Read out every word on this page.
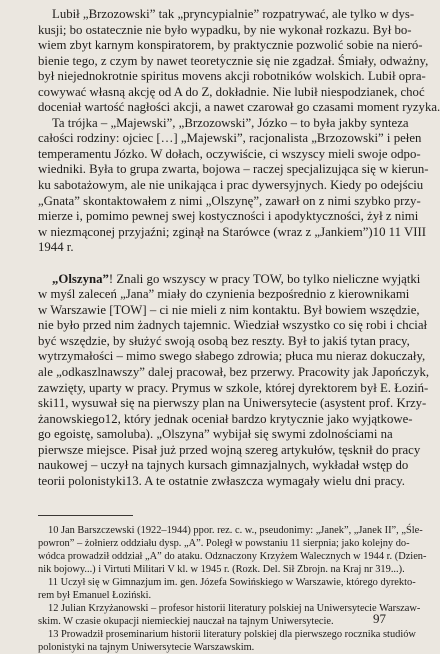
Lubił „Brzozowski” tak „pryncypialnie” rozpatrywać, ale tylko w dys-
kusji; bo ostatecznie nie było wypadku, by nie wykonał rozkazu. Był bo-
wiem zbyt karnym konspiratorem, by praktycznie pozwolić sobie na nieró-
bienie tego, z czym by nawet teoretycznie się nie zgadzał. Śmiały, odważny,
był niejednokrotnie spiritus movens akcji robotników wolskich. Lubił opra-
cowywać własną akcję od A do Z, dokładnie. Nie lubił niespodzianek, choć
doceniał wartość nagłości akcji, a nawet czarował go czasami moment ryzyka.
Ta trójka – „Majewski”, „Brzozowski”, Józko – to była jakby synteza
całości rodziny: ojciec […] „Majewski”, racjonalista „Brzozowski” i pełen
temperamentu Józko. W dołach, oczywiście, ci wszyscy mieli swoje odpo-
wiedniki. Była to grupa zwarta, bojowa – raczej specjalizująca się w kierun-
ku sabotażowym, ale nie unikająca i prac dywersyjnych. Kiedy po odejściu
„Gnata” skontaktowałem z nimi „Olszynę”, zawarł on z nimi szybko przy-
mierze i, pomimo pewnej swej kostyczności i apodyktyczności, żył z nimi
w niezmąconej przyjaźni; zginął na Starówce (wraz z „Jankiem”)10 11 VIII
1944 r.
„Olszyna”! Znali go wszyscy w pracy TOW, bo tylko nieliczne wyjątki
w myśl zaleceń „Jana” miały do czynienia bezpośrednio z kierownikami
w Warszawie [TOW] – ci nie mieli z nim kontaktu. Był bowiem wszędzie,
nie było przed nim żadnych tajemnic. Wiedział wszystko co się robi i chciał
być wszędzie, by służyć swoją osobą bez reszty. Był to jakiś tytan pracy,
wytrzymałości – mimo swego słabego zdrowia; płuca mu nieraz dokuczały,
ale „odkaszlnawszy” dalej pracował, bez przerwy. Pracowity jak Japończyk,
zawzięty, uparty w pracy. Prymus w szkole, której dyrektorem był E. Łoziń-
ski11, wysuwał się na pierwszy plan na Uniwersytecie (asystent prof. Krzy-
żanowskiego12, który jednak oceniał bardzo krytycznie jako wyjątkowe-
go egoistę, samoluba). „Olszyna” wybijał się swymi zdolnościami na
pierwsze miejsce. Pisał już przed wojną szereg artykułów, tęsknił do pracy
naukowej – uczył na tajnych kursach gimnazjalnych, wykładał wstęp do
teorii polonistyki13. A te ostatnie zwłaszcza wymagały wielu dni pracy.
10 Jan Barszczewski (1922–1944) ppor. rez. c. w., pseudonimy: „Janek”, „Janek II”, „Śle-
powron” – żołnierz oddziału dysp. „A”. Poległ w powstaniu 11 sierpnia; jako kolejny do-
wódca prowadził oddział „A” do ataku. Odznaczony Krzyżem Walecznych w 1944 r. (Dzien-
nik bojowy...) i Virtuti Militari V kl. w 1945 r. (Rozk. Del. Sił Zbrojn. na Kraj nr 319...).
11 Uczył się w Gimnazjum im. gen. Józefa Sowińskiego w Warszawie, którego dyrekto-
rem był Emanuel Łoziński.
12 Julian Krzyżanowski – profesor historii literatury polskiej na Uniwersytecie Warszaw-
skim. W czasie okupacji niemieckiej nauczał na tajnym Uniwersytecie.
13 Prowadził proseminarium historii literatury polskiej dla pierwszego rocznika studiów
polonistyki na tajnym Uniwersytecie Warszawskim.
97
